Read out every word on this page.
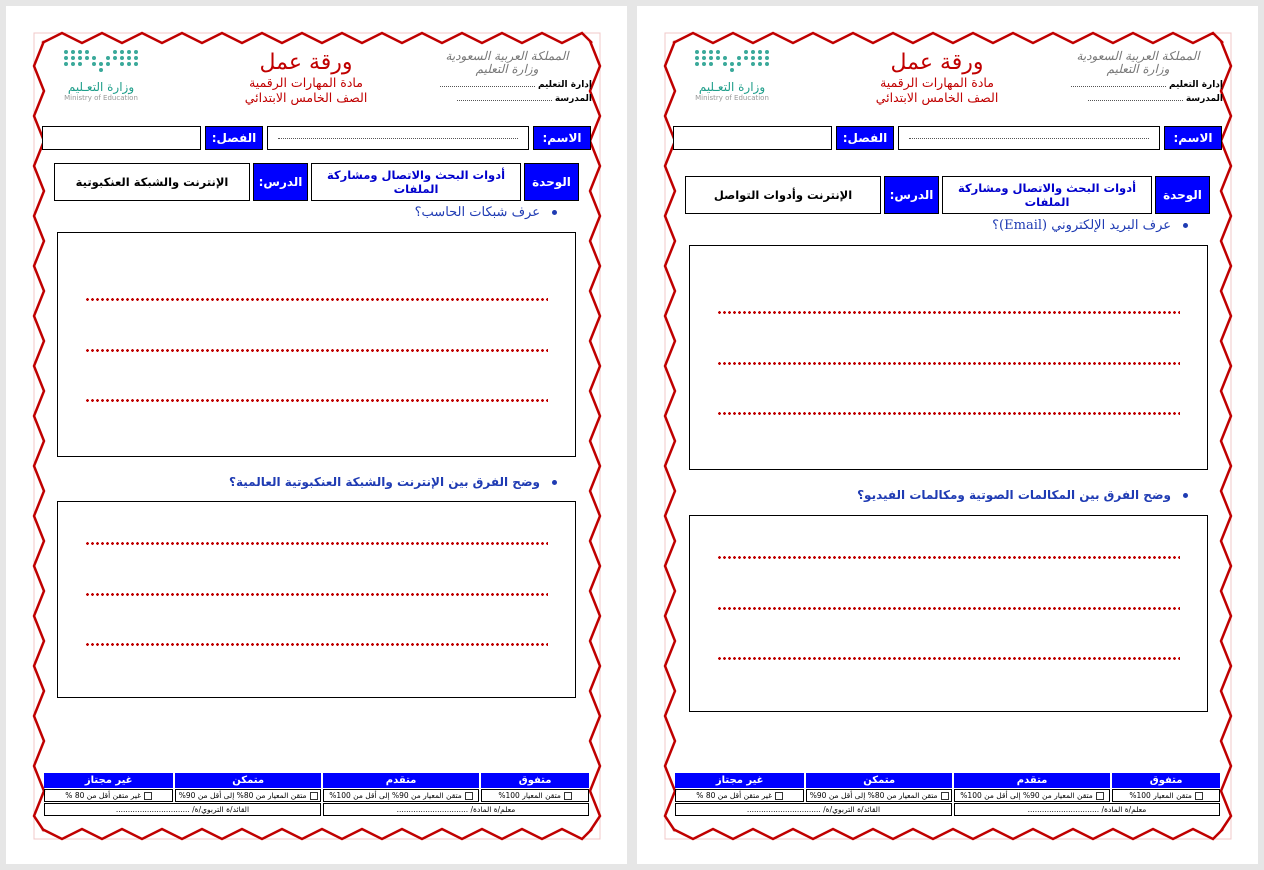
المملكة العربية السعودية
وزارة التعليم
إدارة التعليم
المدرسة
ورقة عمل
مادة المهارات الرقمية
الصف الخامس الابتدائي
وزارة التعـليم
Ministry of Education
الاسم:
الفصل:
الوحدة
أدوات البحث والاتصال ومشاركة الملفات
الدرس:
الإنترنت والشبكة العنكبوتية
عرف شبكات الحاسب؟
وضح الفرق بين الإنترنت والشبكة العنكبوتية العالمية؟
متفوق	متقدم	متمكن	غير مجتاز
متقن المعيار 100%	متقن المعيار من 90% إلى أقل من 100%	متقن المعيار من 80% إلى أقل من 90%	غير متقن أقل من 80 %
معلم/ة المادة/ ..............................		القائد/ة التربوي/ة/ ...............................	
المملكة العربية السعودية
وزارة التعليم
إدارة التعليم
المدرسة
ورقة عمل
مادة المهارات الرقمية
الصف الخامس الابتدائي
وزارة التعـليم
Ministry of Education
الاسم:
الفصل:
الوحدة
أدوات البحث والاتصال ومشاركة الملفات
الدرس:
الإنترنت وأدوات التواصل
عرف البريد الإلكتروني (Email)؟
وضح الفرق بين المكالمات الصوتية ومكالمات الفيديو؟
متفوق	متقدم	متمكن	غير مجتاز
متقن المعيار 100%	متقن المعيار من 90% إلى أقل من 100%	متقن المعيار من 80% إلى أقل من 90%	غير متقن أقل من 80 %
معلم/ة المادة/ ..............................		القائد/ة التربوي/ة/ ...............................	
